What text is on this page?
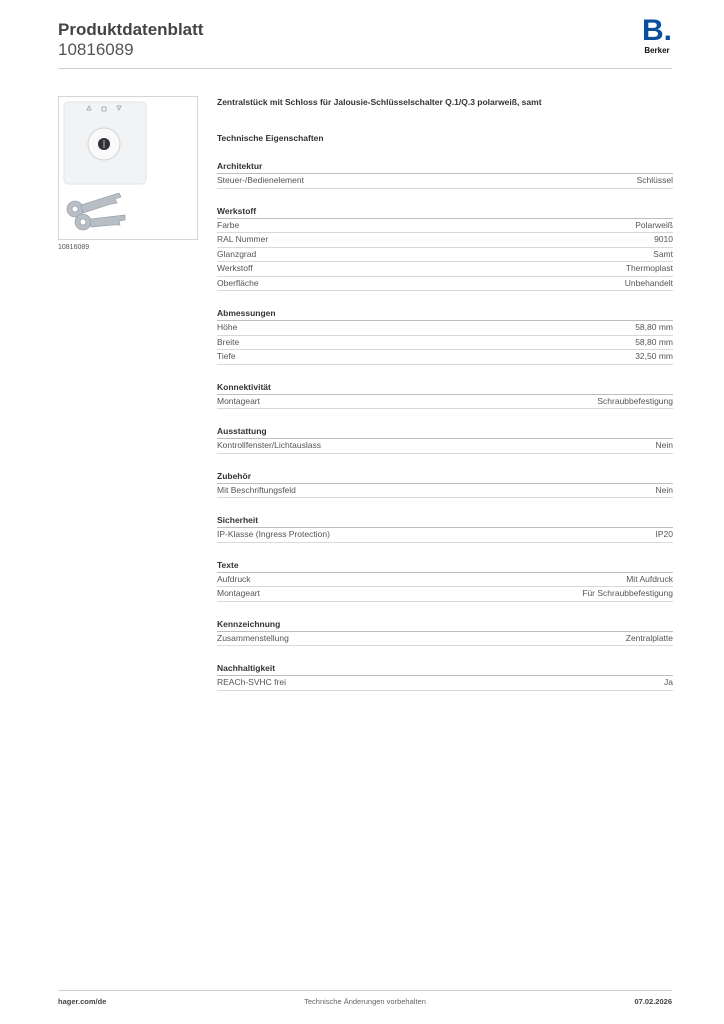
Produktdatenblatt
10816089
B.
Berker
10816089
Zentralstück mit Schloss für Jalousie-Schlüsselschalter Q.1/Q.3 polarweiß, samt
Technische Eigenschaften
Architektur
Steuer-/Bedienelement	Schlüssel
Werkstoff
Farbe	Polarweiß
RAL Nummer	9010
Glanzgrad	Samt
Werkstoff	Thermoplast
Oberfläche	Unbehandelt
Abmessungen
Höhe	58,80 mm
Breite	58,80 mm
Tiefe	32,50 mm
Konnektivität
Montageart	Schraubbefestigung
Ausstattung
Kontrollfenster/Lichtauslass	Nein
Zubehör
Mit Beschriftungsfeld	Nein
Sicherheit
IP-Klasse (Ingress Protection)	IP20
Texte
Aufdruck	Mit Aufdruck
Montageart	Für Schraubbefestigung
Kennzeichnung
Zusammenstellung	Zentralplatte
Nachhaltigkeit
REACh-SVHC frei	Ja
hager.com/de	Technische Änderungen vorbehalten	07.02.2026
